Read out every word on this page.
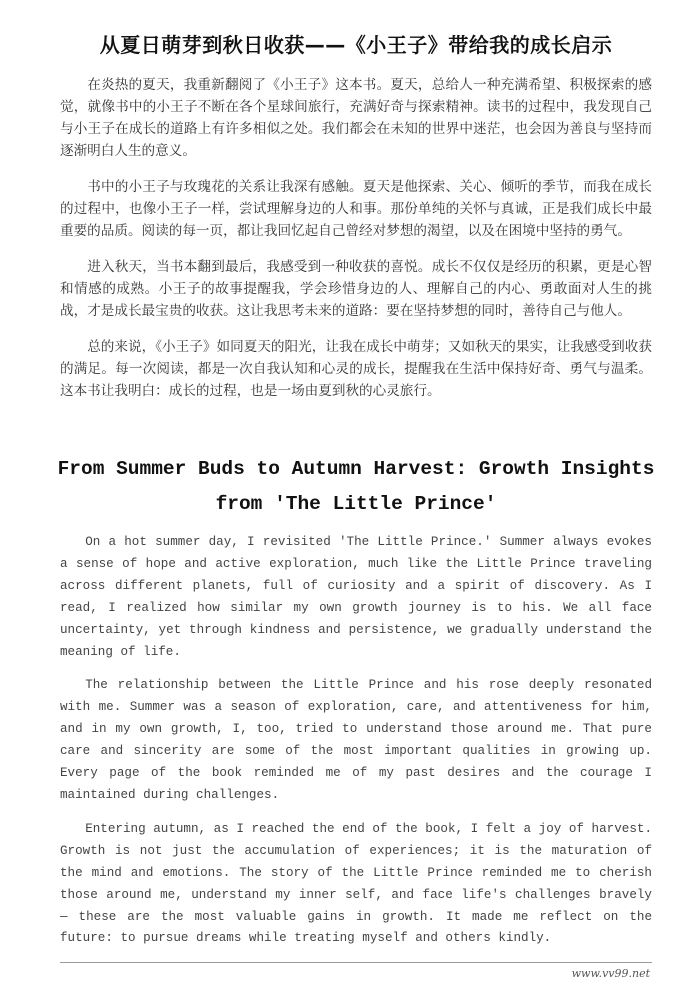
从夏日萌芽到秋日收获——《小王子》带给我的成长启示

在炎热的夏天，我重新翻阅了《小王子》这本书。夏天，总给人一种充满希望、积极探索的感觉，就像书中的小王子不断在各个星球间旅行，充满好奇与探索精神。读书的过程中，我发现自己与小王子在成长的道路上有许多相似之处。我们都会在未知的世界中迷茫，也会因为善良与坚持而逐渐明白人生的意义。

书中的小王子与玫瑰花的关系让我深有感触。夏天是他探索、关心、倾听的季节，而我在成长的过程中，也像小王子一样，尝试理解身边的人和事。那份单纯的关怀与真诚，正是我们成长中最重要的品质。阅读的每一页，都让我回忆起自己曾经对梦想的渴望，以及在困境中坚持的勇气。

进入秋天，当书本翻到最后，我感受到一种收获的喜悦。成长不仅仅是经历的积累，更是心智和情感的成熟。小王子的故事提醒我，学会珍惜身边的人、理解自己的内心、勇敢面对人生的挑战，才是成长最宝贵的收获。这让我思考未来的道路：要在坚持梦想的同时，善待自己与他人。

总的来说，《小王子》如同夏天的阳光，让我在成长中萌芽；又如秋天的果实，让我感受到收获的满足。每一次阅读，都是一次自我认知和心灵的成长，提醒我在生活中保持好奇、勇气与温柔。这本书让我明白：成长的过程，也是一场由夏到秋的心灵旅行。

From Summer Buds to Autumn Harvest: Growth Insights from 'The Little Prince'

On a hot summer day, I revisited 'The Little Prince.' Summer always evokes a sense of hope and active exploration, much like the Little Prince traveling across different planets, full of curiosity and a spirit of discovery. As I read, I realized how similar my own growth journey is to his. We all face uncertainty, yet through kindness and persistence, we gradually understand the meaning of life.

The relationship between the Little Prince and his rose deeply resonated with me. Summer was a season of exploration, care, and attentiveness for him, and in my own growth, I, too, tried to understand those around me. That pure care and sincerity are some of the most important qualities in growing up. Every page of the book reminded me of my past desires and the courage I maintained during challenges.

Entering autumn, as I reached the end of the book, I felt a joy of harvest. Growth is not just the accumulation of experiences; it is the maturation of the mind and emotions. The story of the Little Prince reminded me to cherish those around me, understand my inner self, and face life's challenges bravely — these are the most valuable gains in growth. It made me reflect on the future: to pursue dreams while treating myself and others kindly.

www.vv99.net
